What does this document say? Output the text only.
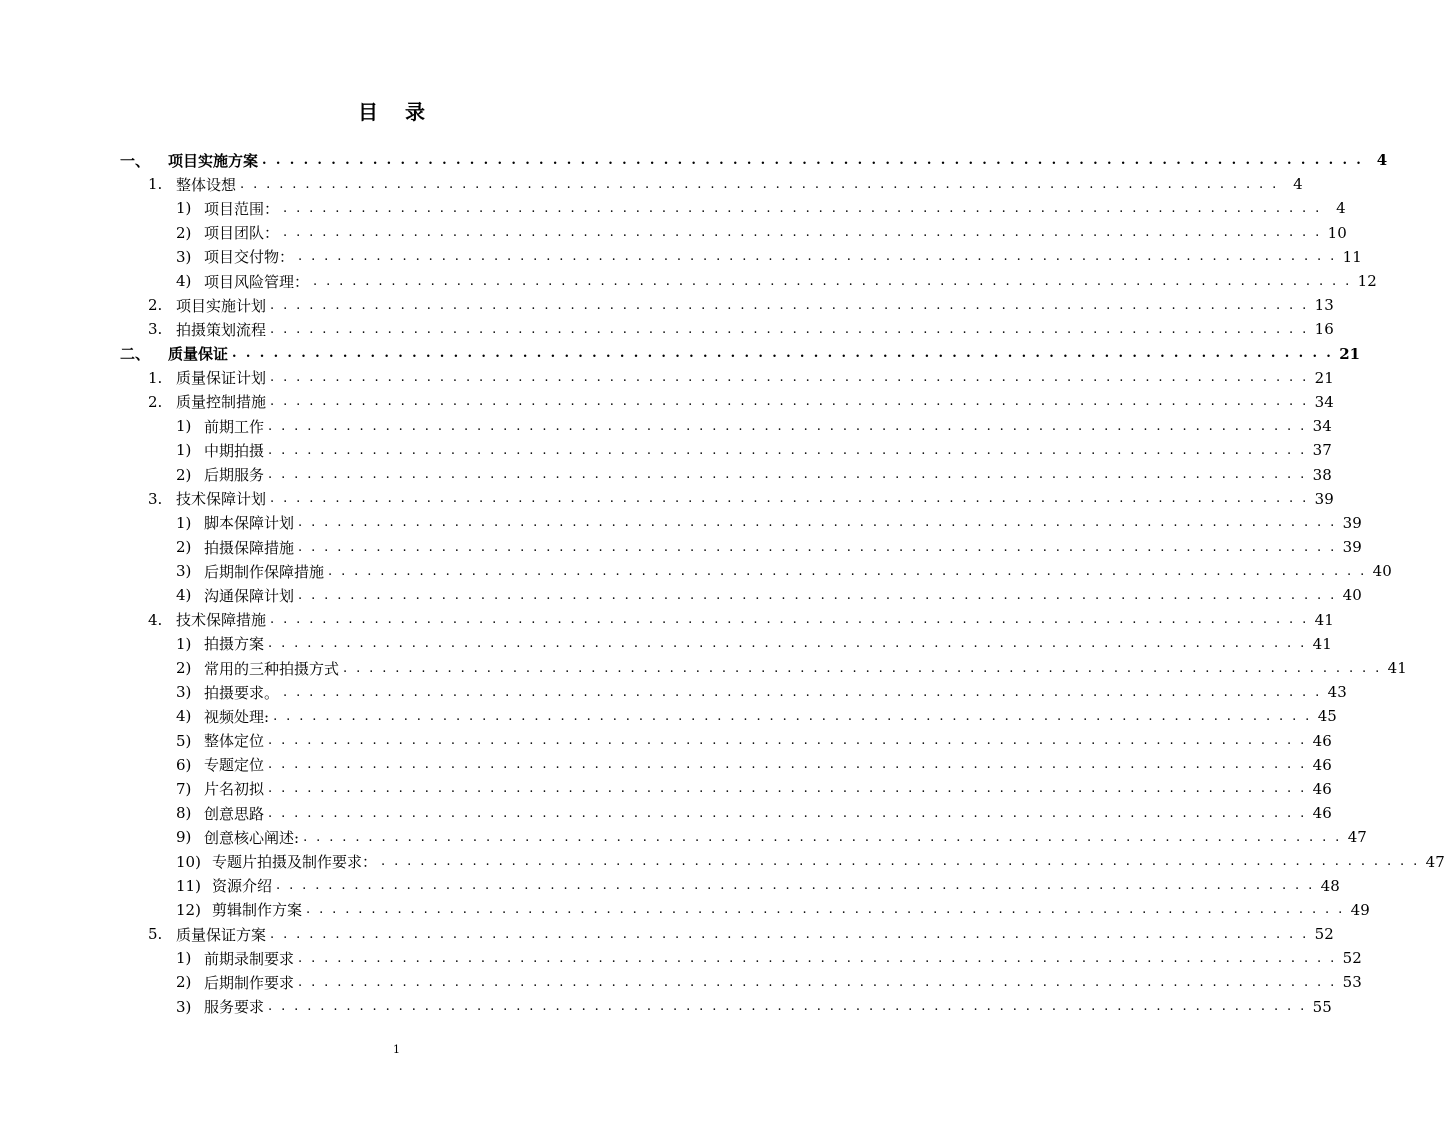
目 录
一、	项目实施方案 . . . . . . . . . . . . . . . . . . . . . . . . . . . . . . . . . . . . . . . . . . . . . . . . . . . . . . . . . . . . . . . . . . . . . . . . . . . . . . . . 4
1. 整体设想 . . . . . . . . . . . . . . . . . . . . . . . . . . . . . . . . . . . . . . . . . . . . . . . . . . . . . . . . . . . . . . . . . . . . . . . . . . . . . . . . 4
1) 项目范围： . . . . . . . . . . . . . . . . . . . . . . . . . . . . . . . . . . . . . . . . . . . . . . . . . . . . . . . . . . . . . . . . . . . . . . . . . . . . . . . . 4
2) 项目团队： . . . . . . . . . . . . . . . . . . . . . . . . . . . . . . . . . . . . . . . . . . . . . . . . . . . . . . . . . . . . . . . . . . . . . . . . . . . . . . . . 10
3) 项目交付物： . . . . . . . . . . . . . . . . . . . . . . . . . . . . . . . . . . . . . . . . . . . . . . . . . . . . . . . . . . . . . . . . . . . . . . . . . . . . . . . . 11
4) 项目风险管理： . . . . . . . . . . . . . . . . . . . . . . . . . . . . . . . . . . . . . . . . . . . . . . . . . . . . . . . . . . . . . . . . . . . . . . . . . . . . . . . . 12
2. 项目实施计划 . . . . . . . . . . . . . . . . . . . . . . . . . . . . . . . . . . . . . . . . . . . . . . . . . . . . . . . . . . . . . . . . . . . . . . . . . . . . . . . . 13
3. 拍摄策划流程 . . . . . . . . . . . . . . . . . . . . . . . . . . . . . . . . . . . . . . . . . . . . . . . . . . . . . . . . . . . . . . . . . . . . . . . . . . . . . . . . 16
二、	质量保证 . . . . . . . . . . . . . . . . . . . . . . . . . . . . . . . . . . . . . . . . . . . . . . . . . . . . . . . . . . . . . . . . . . . . . . . . . . . . . . . . 21
1. 质量保证计划 . . . . . . . . . . . . . . . . . . . . . . . . . . . . . . . . . . . . . . . . . . . . . . . . . . . . . . . . . . . . . . . . . . . . . . . . . . . . . . . . 21
2. 质量控制措施 . . . . . . . . . . . . . . . . . . . . . . . . . . . . . . . . . . . . . . . . . . . . . . . . . . . . . . . . . . . . . . . . . . . . . . . . . . . . . . . . 34
1) 前期工作 . . . . . . . . . . . . . . . . . . . . . . . . . . . . . . . . . . . . . . . . . . . . . . . . . . . . . . . . . . . . . . . . . . . . . . . . . . . . . . . . 34
1) 中期拍摄 . . . . . . . . . . . . . . . . . . . . . . . . . . . . . . . . . . . . . . . . . . . . . . . . . . . . . . . . . . . . . . . . . . . . . . . . . . . . . . . . 37
2) 后期服务 . . . . . . . . . . . . . . . . . . . . . . . . . . . . . . . . . . . . . . . . . . . . . . . . . . . . . . . . . . . . . . . . . . . . . . . . . . . . . . . . 38
3. 技术保障计划 . . . . . . . . . . . . . . . . . . . . . . . . . . . . . . . . . . . . . . . . . . . . . . . . . . . . . . . . . . . . . . . . . . . . . . . . . . . . . . . . 39
1) 脚本保障计划 . . . . . . . . . . . . . . . . . . . . . . . . . . . . . . . . . . . . . . . . . . . . . . . . . . . . . . . . . . . . . . . . . . . . . . . . . . . . . . . . 39
2) 拍摄保障措施 . . . . . . . . . . . . . . . . . . . . . . . . . . . . . . . . . . . . . . . . . . . . . . . . . . . . . . . . . . . . . . . . . . . . . . . . . . . . . . . . 39
3) 后期制作保障措施 . . . . . . . . . . . . . . . . . . . . . . . . . . . . . . . . . . . . . . . . . . . . . . . . . . . . . . . . . . . . . . . . . . . . . . . . . . . . . . . . 40
4) 沟通保障计划 . . . . . . . . . . . . . . . . . . . . . . . . . . . . . . . . . . . . . . . . . . . . . . . . . . . . . . . . . . . . . . . . . . . . . . . . . . . . . . . . 40
4. 技术保障措施 . . . . . . . . . . . . . . . . . . . . . . . . . . . . . . . . . . . . . . . . . . . . . . . . . . . . . . . . . . . . . . . . . . . . . . . . . . . . . . . . 41
1) 拍摄方案 . . . . . . . . . . . . . . . . . . . . . . . . . . . . . . . . . . . . . . . . . . . . . . . . . . . . . . . . . . . . . . . . . . . . . . . . . . . . . . . . 41
2) 常用的三种拍摄方式 . . . . . . . . . . . . . . . . . . . . . . . . . . . . . . . . . . . . . . . . . . . . . . . . . . . . . . . . . . . . . . . . . . . . . . . . . . . . . . . . 41
3) 拍摄要求。 . . . . . . . . . . . . . . . . . . . . . . . . . . . . . . . . . . . . . . . . . . . . . . . . . . . . . . . . . . . . . . . . . . . . . . . . . . . . . . . . 43
4) 视频处理: . . . . . . . . . . . . . . . . . . . . . . . . . . . . . . . . . . . . . . . . . . . . . . . . . . . . . . . . . . . . . . . . . . . . . . . . . . . . . . . . 45
5) 整体定位 . . . . . . . . . . . . . . . . . . . . . . . . . . . . . . . . . . . . . . . . . . . . . . . . . . . . . . . . . . . . . . . . . . . . . . . . . . . . . . . . 46
6) 专题定位 . . . . . . . . . . . . . . . . . . . . . . . . . . . . . . . . . . . . . . . . . . . . . . . . . . . . . . . . . . . . . . . . . . . . . . . . . . . . . . . . 46
7) 片名初拟 . . . . . . . . . . . . . . . . . . . . . . . . . . . . . . . . . . . . . . . . . . . . . . . . . . . . . . . . . . . . . . . . . . . . . . . . . . . . . . . . 46
8) 创意思路 . . . . . . . . . . . . . . . . . . . . . . . . . . . . . . . . . . . . . . . . . . . . . . . . . . . . . . . . . . . . . . . . . . . . . . . . . . . . . . . . 46
9) 创意核心阐述: . . . . . . . . . . . . . . . . . . . . . . . . . . . . . . . . . . . . . . . . . . . . . . . . . . . . . . . . . . . . . . . . . . . . . . . . . . . . . . . . 47
10) 专题片拍摄及制作要求： . . . . . . . . . . . . . . . . . . . . . . . . . . . . . . . . . . . . . . . . . . . . . . . . . . . . . . . . . . . . . . . . . . . . . . . . . . . . . . . . 47
11) 资源介绍 . . . . . . . . . . . . . . . . . . . . . . . . . . . . . . . . . . . . . . . . . . . . . . . . . . . . . . . . . . . . . . . . . . . . . . . . . . . . . . . . 48
12) 剪辑制作方案 . . . . . . . . . . . . . . . . . . . . . . . . . . . . . . . . . . . . . . . . . . . . . . . . . . . . . . . . . . . . . . . . . . . . . . . . . . . . . . . . 49
5. 质量保证方案 . . . . . . . . . . . . . . . . . . . . . . . . . . . . . . . . . . . . . . . . . . . . . . . . . . . . . . . . . . . . . . . . . . . . . . . . . . . . . . . . 52
1) 前期录制要求 . . . . . . . . . . . . . . . . . . . . . . . . . . . . . . . . . . . . . . . . . . . . . . . . . . . . . . . . . . . . . . . . . . . . . . . . . . . . . . . . 52
2) 后期制作要求 . . . . . . . . . . . . . . . . . . . . . . . . . . . . . . . . . . . . . . . . . . . . . . . . . . . . . . . . . . . . . . . . . . . . . . . . . . . . . . . . 53
3) 服务要求 . . . . . . . . . . . . . . . . . . . . . . . . . . . . . . . . . . . . . . . . . . . . . . . . . . . . . . . . . . . . . . . . . . . . . . . . . . . . . . . . 55
1
